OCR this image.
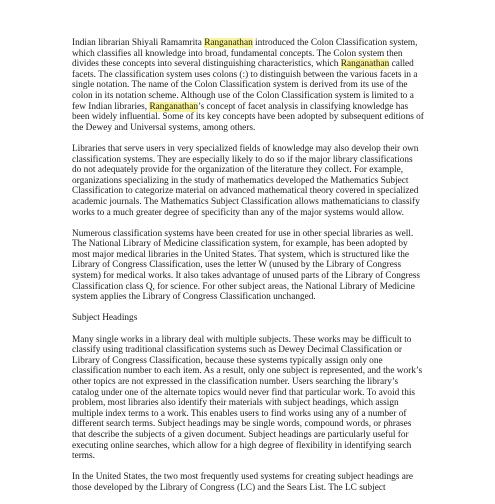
Indian librarian Shiyali Ramamrita Ranganathan introduced the Colon Classification system, which classifies all knowledge into broad, fundamental concepts. The Colon system then divides these concepts into several distinguishing characteristics, which Ranganathan called facets. The classification system uses colons (:) to distinguish between the various facets in a single notation. The name of the Colon Classification system is derived from its use of the colon in its notation scheme. Although use of the Colon Classification system is limited to a few Indian libraries, Ranganathan’s concept of facet analysis in classifying knowledge has been widely influential. Some of its key concepts have been adopted by subsequent editions of the Dewey and Universal systems, among others.

Libraries that serve users in very specialized fields of knowledge may also develop their own classification systems. They are especially likely to do so if the major library classifications do not adequately provide for the organization of the literature they collect. For example, organizations specializing in the study of mathematics developed the Mathematics Subject Classification to categorize material on advanced mathematical theory covered in specialized academic journals. The Mathematics Subject Classification allows mathematicians to classify works to a much greater degree of specificity than any of the major systems would allow.

Numerous classification systems have been created for use in other special libraries as well. The National Library of Medicine classification system, for example, has been adopted by most major medical libraries in the United States. That system, which is structured like the Library of Congress Classification, uses the letter W (unused by the Library of Congress system) for medical works. It also takes advantage of unused parts of the Library of Congress Classification class Q, for science. For other subject areas, the National Library of Medicine system applies the Library of Congress Classification unchanged.

Subject Headings

Many single works in a library deal with multiple subjects. These works may be difficult to classify using traditional classification systems such as Dewey Decimal Classification or Library of Congress Classification, because these systems typically assign only one classification number to each item. As a result, only one subject is represented, and the work’s other topics are not expressed in the classification number. Users searching the library’s catalog under one of the alternate topics would never find that particular work. To avoid this problem, most libraries also identify their materials with subject headings, which assign multiple index terms to a work. This enables users to find works using any of a number of different search terms. Subject headings may be single words, compound words, or phrases that describe the subjects of a given document. Subject headings are particularly useful for executing online searches, which allow for a high degree of flexibility in identifying search terms.

In the United States, the two most frequently used systems for creating subject headings are those developed by the Library of Congress (LC) and the Sears List. The LC subject
